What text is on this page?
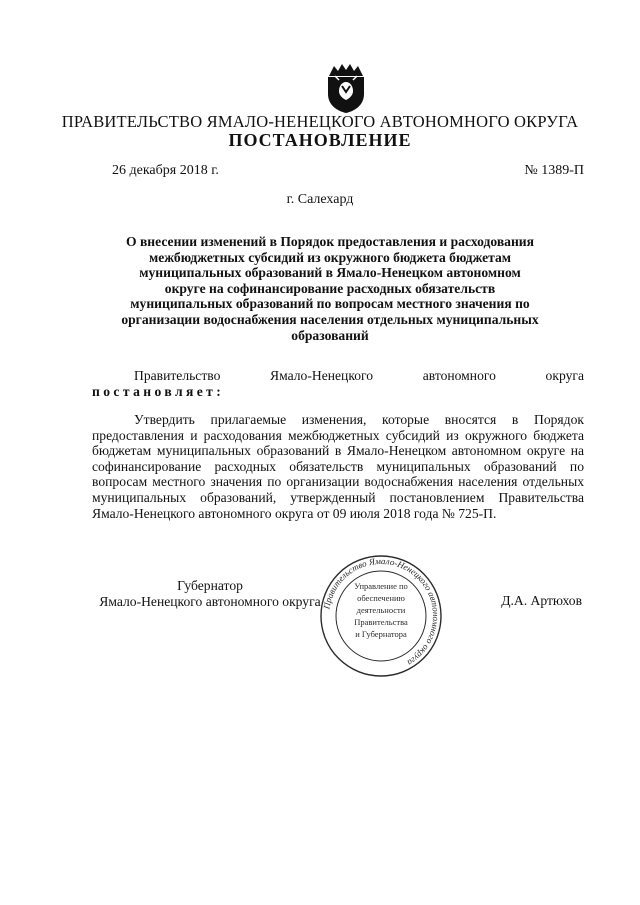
ПРАВИТЕЛЬСТВО ЯМАЛО-НЕНЕЦКОГО АВТОНОМНОГО ОКРУГА
ПОСТАНОВЛЕНИЕ
26 декабря 2018 г.	№ 1389-П
г. Салехард
О внесении изменений в Порядок предоставления и расходования межбюджетных субсидий из окружного бюджета бюджетам муниципальных образований в Ямало-Ненецком автономном округе на софинансирование расходных обязательств муниципальных образований по вопросам местного значения по организации водоснабжения населения отдельных муниципальных образований
Правительство	Ямало-Ненецкого	автономного	округа
постановляет:
Утвердить прилагаемые изменения, которые вносятся в Порядок предоставления и расходования межбюджетных субсидий из окружного бюджета бюджетам муниципальных образований в Ямало-Ненецком автономном округе на софинансирование расходных обязательств муниципальных образований по вопросам местного значения по организации водоснабжения населения отдельных муниципальных образований, утвержденный постановлением Правительства Ямало-Ненецкого автономного округа от 09 июля 2018 года № 725-П.
Губернатор
Ямало-Ненецкого автономного округа	Д.А. Артюхов
Правительство Ямало-Ненецкого автономного округа
Управление по
обеспечению
деятельности
Правительства
и Губернатора
